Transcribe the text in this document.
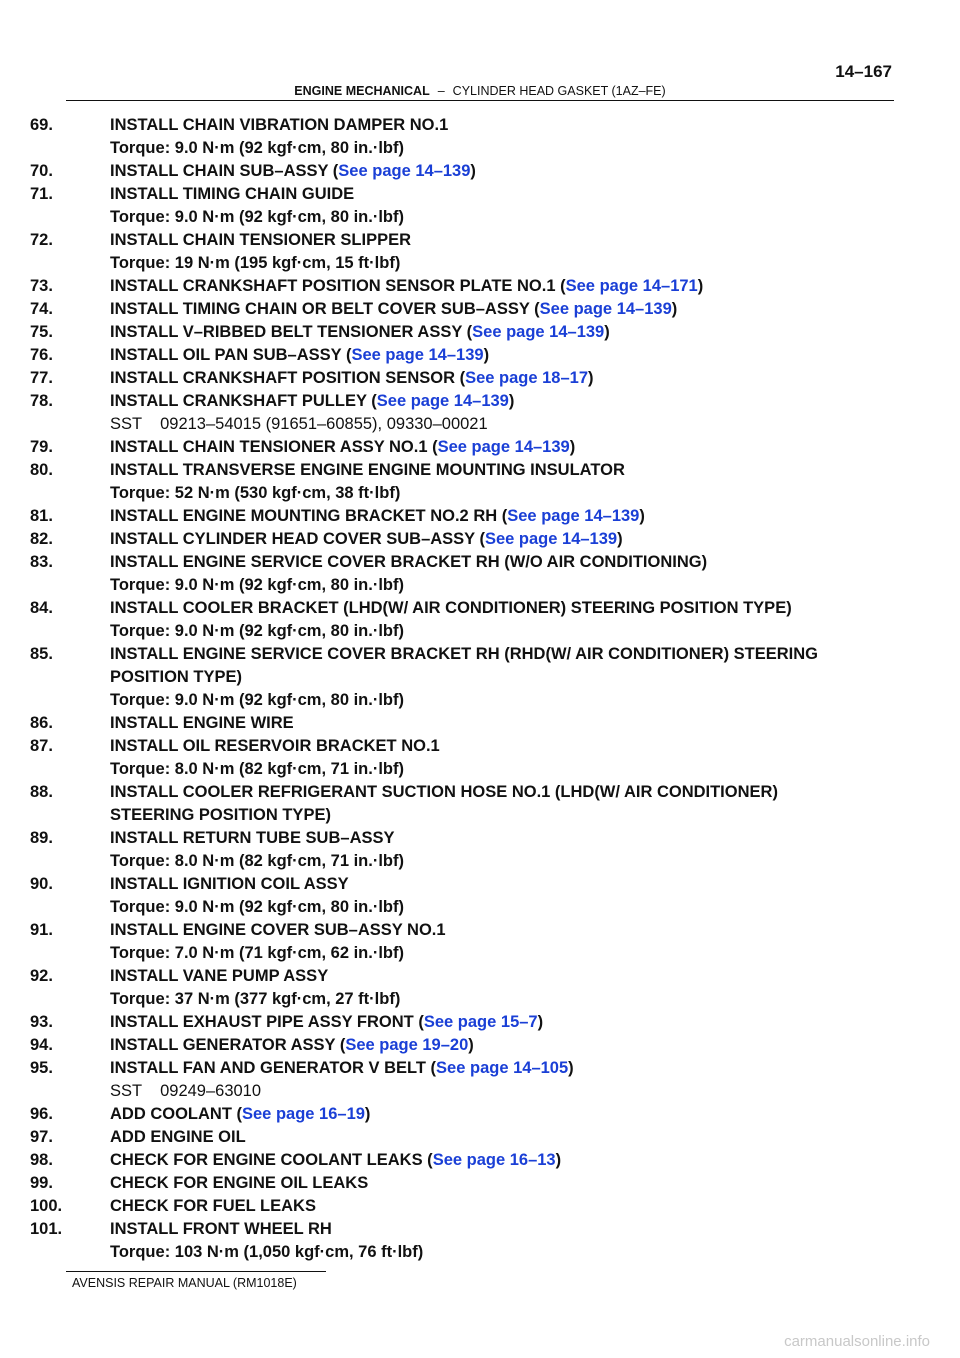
14–167
ENGINE MECHANICAL – CYLINDER HEAD GASKET (1AZ–FE)
69.	INSTALL CHAIN VIBRATION DAMPER NO.1
Torque: 9.0 N·m (92 kgf·cm, 80 in.·lbf)
70.	INSTALL CHAIN SUB–ASSY (See page 14–139)
71.	INSTALL TIMING CHAIN GUIDE
Torque: 9.0 N·m (92 kgf·cm, 80 in.·lbf)
72.	INSTALL CHAIN TENSIONER SLIPPER
Torque: 19 N·m (195 kgf·cm, 15 ft·lbf)
73.	INSTALL CRANKSHAFT POSITION SENSOR PLATE NO.1 (See page 14–171)
74.	INSTALL TIMING CHAIN OR BELT COVER SUB–ASSY (See page 14–139)
75.	INSTALL V–RIBBED BELT TENSIONER ASSY (See page 14–139)
76.	INSTALL OIL PAN SUB–ASSY (See page 14–139)
77.	INSTALL CRANKSHAFT POSITION SENSOR (See page 18–17)
78.	INSTALL CRANKSHAFT PULLEY (See page 14–139)
SST 09213–54015 (91651–60855), 09330–00021
79.	INSTALL CHAIN TENSIONER ASSY NO.1 (See page 14–139)
80.	INSTALL TRANSVERSE ENGINE ENGINE MOUNTING INSULATOR
Torque: 52 N·m (530 kgf·cm, 38 ft·lbf)
81.	INSTALL ENGINE MOUNTING BRACKET NO.2 RH (See page 14–139)
82.	INSTALL CYLINDER HEAD COVER SUB–ASSY (See page 14–139)
83.	INSTALL ENGINE SERVICE COVER BRACKET RH (W/O AIR CONDITIONING)
Torque: 9.0 N·m (92 kgf·cm, 80 in.·lbf)
84.	INSTALL COOLER BRACKET (LHD(W/ AIR CONDITIONER) STEERING POSITION TYPE)
Torque: 9.0 N·m (92 kgf·cm, 80 in.·lbf)
85.	INSTALL ENGINE SERVICE COVER BRACKET RH (RHD(W/ AIR CONDITIONER) STEERING
POSITION TYPE)
Torque: 9.0 N·m (92 kgf·cm, 80 in.·lbf)
86.	INSTALL ENGINE WIRE
87.	INSTALL OIL RESERVOIR BRACKET NO.1
Torque: 8.0 N·m (82 kgf·cm, 71 in.·lbf)
88.	INSTALL COOLER REFRIGERANT SUCTION HOSE NO.1 (LHD(W/ AIR CONDITIONER)
STEERING POSITION TYPE)
89.	INSTALL RETURN TUBE SUB–ASSY
Torque: 8.0 N·m (82 kgf·cm, 71 in.·lbf)
90.	INSTALL IGNITION COIL ASSY
Torque: 9.0 N·m (92 kgf·cm, 80 in.·lbf)
91.	INSTALL ENGINE COVER SUB–ASSY NO.1
Torque: 7.0 N·m (71 kgf·cm, 62 in.·lbf)
92.	INSTALL VANE PUMP ASSY
Torque: 37 N·m (377 kgf·cm, 27 ft·lbf)
93.	INSTALL EXHAUST PIPE ASSY FRONT (See page 15–7)
94.	INSTALL GENERATOR ASSY (See page 19–20)
95.	INSTALL FAN AND GENERATOR V BELT (See page 14–105)
SST 09249–63010
96.	ADD COOLANT (See page 16–19)
97.	ADD ENGINE OIL
98.	CHECK FOR ENGINE COOLANT LEAKS (See page 16–13)
99.	CHECK FOR ENGINE OIL LEAKS
100.	CHECK FOR FUEL LEAKS
101.	INSTALL FRONT WHEEL RH
Torque: 103 N·m (1,050 kgf·cm, 76 ft·lbf)
AVENSIS REPAIR MANUAL (RM1018E)
carmanualsonline.info
